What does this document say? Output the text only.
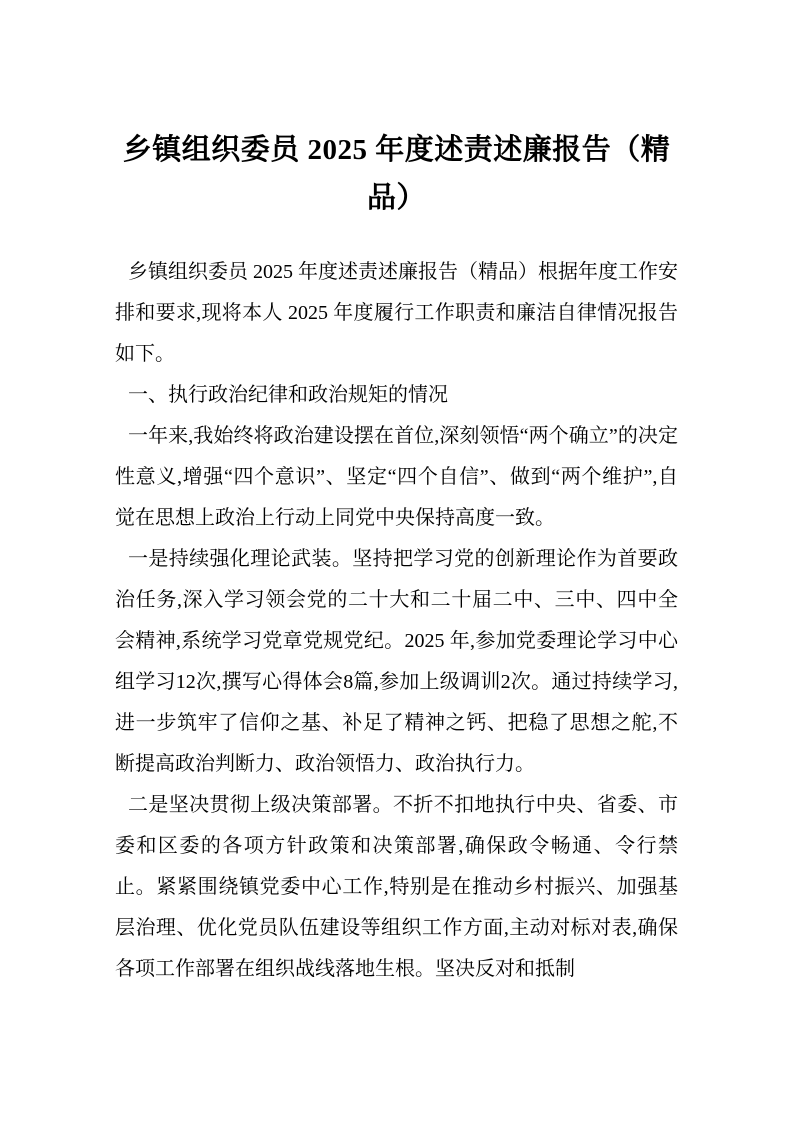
乡镇组织委员 2025 年度述责述廉报告（精品）

乡镇组织委员 2025 年度述责述廉报告（精品）根据年度工作安排和要求,现将本人 2025 年度履行工作职责和廉洁自律情况报告如下。

一、执行政治纪律和政治规矩的情况

一年来,我始终将政治建设摆在首位,深刻领悟“两个确立”的决定性意义,增强“四个意识”、坚定“四个自信”、做到“两个维护”,自觉在思想上政治上行动上同党中央保持高度一致。

一是持续强化理论武装。坚持把学习党的创新理论作为首要政治任务,深入学习领会党的二十大和二十届二中、三中、四中全会精神,系统学习党章党规党纪。2025 年,参加党委理论学习中心组学习12次,撰写心得体会8篇,参加上级调训2次。通过持续学习,进一步筑牢了信仰之基、补足了精神之钙、把稳了思想之舵,不断提高政治判断力、政治领悟力、政治执行力。

二是坚决贯彻上级决策部署。不折不扣地执行中央、省委、市委和区委的各项方针政策和决策部署,确保政令畅通、令行禁止。紧紧围绕镇党委中心工作,特别是在推动乡村振兴、加强基层治理、优化党员队伍建设等组织工作方面,主动对标对表,确保各项工作部署在组织战线落地生根。坚决反对和抵制
